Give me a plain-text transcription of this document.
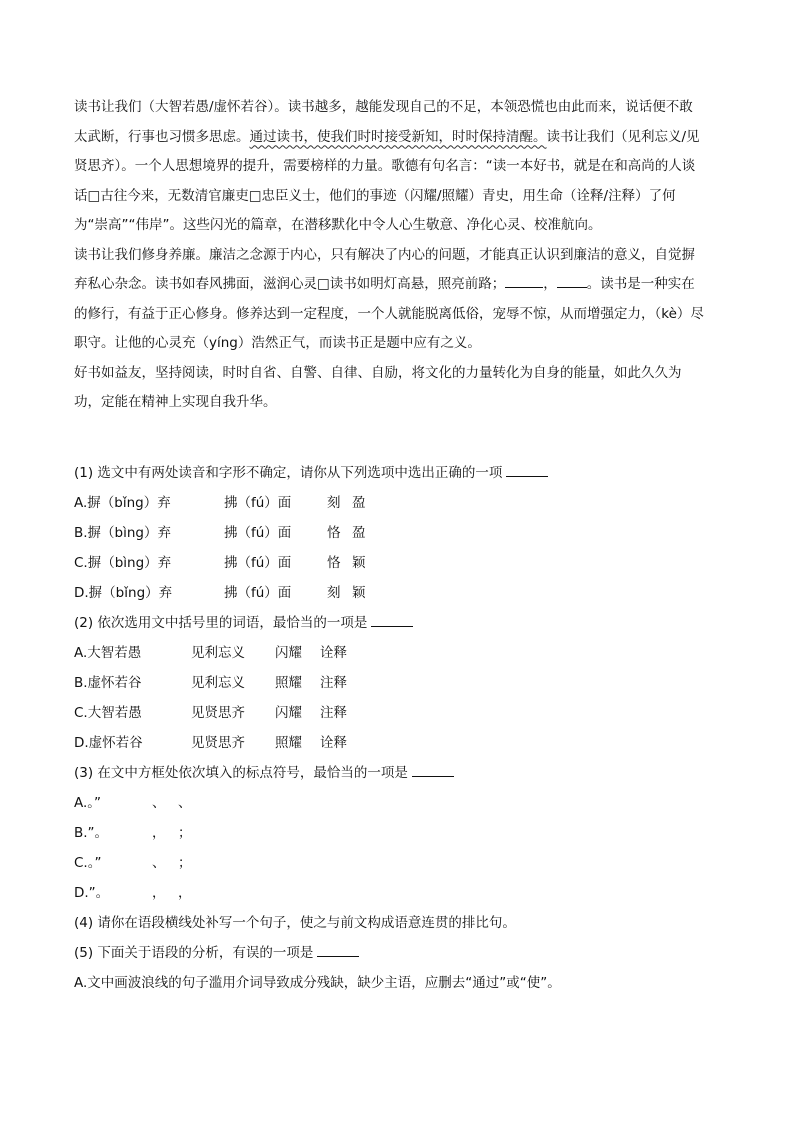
读书让我们（大智若愚/虚怀若谷）。读书越多，越能发现自己的不足，本领恐慌也由此而来，说话便不敢太武断，行事也习惯多思虑。通过读书，使我们时时接受新知，时时保持清醒。读书让我们（见利忘义/见贤思齐）。一个人思想境界的提升，需要榜样的力量。歌德有句名言：“读一本好书，就是在和高尚的人谈话□古往今来，无数清官廉吏□忠臣义士，他们的事迹（闪耀/照耀）青史，用生命（诠释/注释）了何为“崇高”“伟岸”。这些闪光的篇章，在潜移默化中令人心生敬意、净化心灵、校准航向。

读书让我们修身养廉。廉洁之念源于内心，只有解决了内心的问题，才能真正认识到廉洁的意义，自觉摒弃私心杂念。读书如春风拂面，滋润心灵□读书如明灯高悬，照亮前路；	， 。读书是一种实在的修行，有益于正心修身。修养达到一定程度，一个人就能脱离低俗，宠辱不惊，从而增强定力，（kè）尽职守。让他的心灵充（yíng）浩然正气，而读书正是题中应有之义。

好书如益友，坚持阅读，时时自省、自警、自律、自励，将文化的力量转化为自身的能量，如此久久为功，定能在精神上实现自我升华。

(1) 选文中有两处读音和字形不确定，请你从下列选项中选出正确的一项
A.摒（bǐng）弃	拂（fú）面	刻 盈
B.摒（bìng）弃	拂（fú）面	恪 盈
C.摒（bìng）弃	拂（fú）面	恪 颖
D.摒（bǐng）弃	拂（fú）面	刻 颖
(2) 依次选用文中括号里的词语，最恰当的一项是
A.大智若愚	见利忘义 闪耀 诠释
B.虚怀若谷	见利忘义 照耀 注释
C.大智若愚	见贤思齐 闪耀 注释
D.虚怀若谷	见贤思齐 照耀 诠释
(3) 在文中方框处依次填入的标点符号，最恰当的一项是
A.。”	、 、
B.”。	， ；
C.。”	、 ；
D.”。	， ，
(4) 请你在语段横线处补写一个句子，使之与前文构成语意连贯的排比句。
(5) 下面关于语段的分析，有误的一项是
A.文中画波浪线的句子滥用介词导致成分残缺，缺少主语，应删去“通过”或“使”。
